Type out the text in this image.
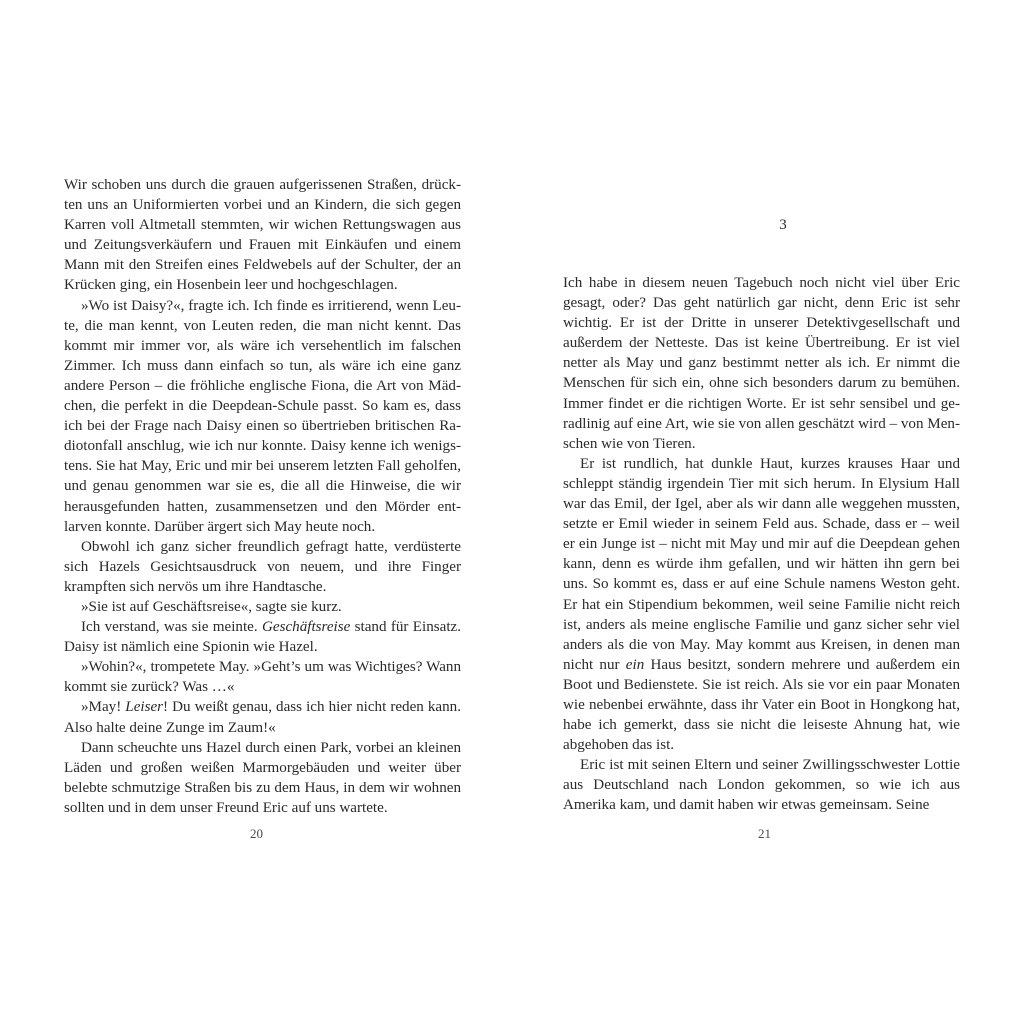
Wir schoben uns durch die grauen aufgerissenen Straßen, drückten uns an Uniformierten vorbei und an Kindern, die sich gegen Karren voll Altmetall stemmten, wir wichen Rettungswagen aus und Zeitungsverkäufern und Frauen mit Einkäufen und einem Mann mit den Streifen eines Feldwebels auf der Schulter, der an Krücken ging, ein Hosenbein leer und hochgeschlagen.

»Wo ist Daisy?«, fragte ich. Ich finde es irritierend, wenn Leute, die man kennt, von Leuten reden, die man nicht kennt. Das kommt mir immer vor, als wäre ich versehentlich im falschen Zimmer. Ich muss dann einfach so tun, als wäre ich eine ganz andere Person – die fröhliche englische Fiona, die Art von Mädchen, die perfekt in die Deepdean-Schule passt. So kam es, dass ich bei der Frage nach Daisy einen so übertrieben britischen Radiotonfall anschlug, wie ich nur konnte. Daisy kenne ich wenigstens. Sie hat May, Eric und mir bei unserem letzten Fall geholfen, und genau genommen war sie es, die all die Hinweise, die wir herausgefunden hatten, zusammensetzen und den Mörder entlarven konnte. Darüber ärgert sich May heute noch.

Obwohl ich ganz sicher freundlich gefragt hatte, verdüsterte sich Hazels Gesichtsausdruck von neuem, und ihre Finger krampften sich nervös um ihre Handtasche.

»Sie ist auf Geschäftsreise«, sagte sie kurz.

Ich verstand, was sie meinte. Geschäftsreise stand für Einsatz. Daisy ist nämlich eine Spionin wie Hazel.

»Wohin?«, trompetete May. »Geht’s um was Wichtiges? Wann kommt sie zurück? Was …«

»May! Leiser! Du weißt genau, dass ich hier nicht reden kann. Also halte deine Zunge im Zaum!«

Dann scheuchte uns Hazel durch einen Park, vorbei an kleinen Läden und großen weißen Marmorgebäuden und weiter über belebte schmutzige Straßen bis zu dem Haus, in dem wir wohnen sollten und in dem unser Freund Eric auf uns wartete.

20
3

Ich habe in diesem neuen Tagebuch noch nicht viel über Eric gesagt, oder? Das geht natürlich gar nicht, denn Eric ist sehr wichtig. Er ist der Dritte in unserer Detektivgesellschaft und außerdem der Netteste. Das ist keine Übertreibung. Er ist viel netter als May und ganz bestimmt netter als ich. Er nimmt die Menschen für sich ein, ohne sich besonders darum zu bemühen. Immer findet er die richtigen Worte. Er ist sehr sensibel und geradlinig auf eine Art, wie sie von allen geschätzt wird – von Menschen wie von Tieren.

Er ist rundlich, hat dunkle Haut, kurzes krauses Haar und schleppt ständig irgendein Tier mit sich herum. In Elysium Hall war das Emil, der Igel, aber als wir dann alle weggehen mussten, setzte er Emil wieder in seinem Feld aus. Schade, dass er – weil er ein Junge ist – nicht mit May und mir auf die Deepdean gehen kann, denn es würde ihm gefallen, und wir hätten ihn gern bei uns. So kommt es, dass er auf eine Schule namens Weston geht. Er hat ein Stipendium bekommen, weil seine Familie nicht reich ist, anders als meine englische Familie und ganz sicher sehr viel anders als die von May. May kommt aus Kreisen, in denen man nicht nur ein Haus besitzt, sondern mehrere und außerdem ein Boot und Bedienstete. Sie ist reich. Als sie vor ein paar Monaten wie nebenbei erwähnte, dass ihr Vater ein Boot in Hongkong hat, habe ich gemerkt, dass sie nicht die leiseste Ahnung hat, wie abgehoben das ist.

Eric ist mit seinen Eltern und seiner Zwillingsschwester Lottie aus Deutschland nach London gekommen, so wie ich aus Amerika kam, und damit haben wir etwas gemeinsam. Seine

21
